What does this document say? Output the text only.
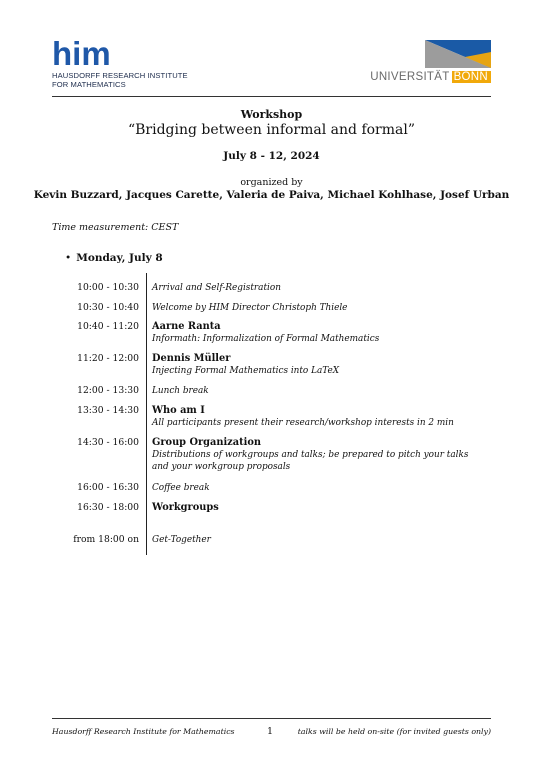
him
HAUSDORFF RESEARCH INSTITUTE
FOR MATHEMATICS
UNIVERSITÄT BONN
Workshop
“Bridging between informal and formal”
July 8 - 12, 2024
organized by
Kevin Buzzard, Jacques Carette, Valeria de Paiva, Michael Kohlhase, Josef Urban
Time measurement: CEST
• Monday, July 8
10:00 - 10:30 Arrival and Self-Registration
10:30 - 10:40 Welcome by HIM Director Christoph Thiele
10:40 - 11:20 Aarne Ranta
Informath: Informalization of Formal Mathematics
11:20 - 12:00 Dennis Müller
Injecting Formal Mathematics into LaTeX
12:00 - 13:30 Lunch break
13:30 - 14:30 Who am I
All participants present their research/workshop interests in 2 min
14:30 - 16:00 Group Organization
Distributions of workgroups and talks; be prepared to pitch your talks and your workgroup proposals
16:00 - 16:30 Coffee break
16:30 - 18:00 Workgroups
from 18:00 on Get-Together
Hausdorff Research Institute for Mathematics	1	talks will be held on-site (for invited guests only)
